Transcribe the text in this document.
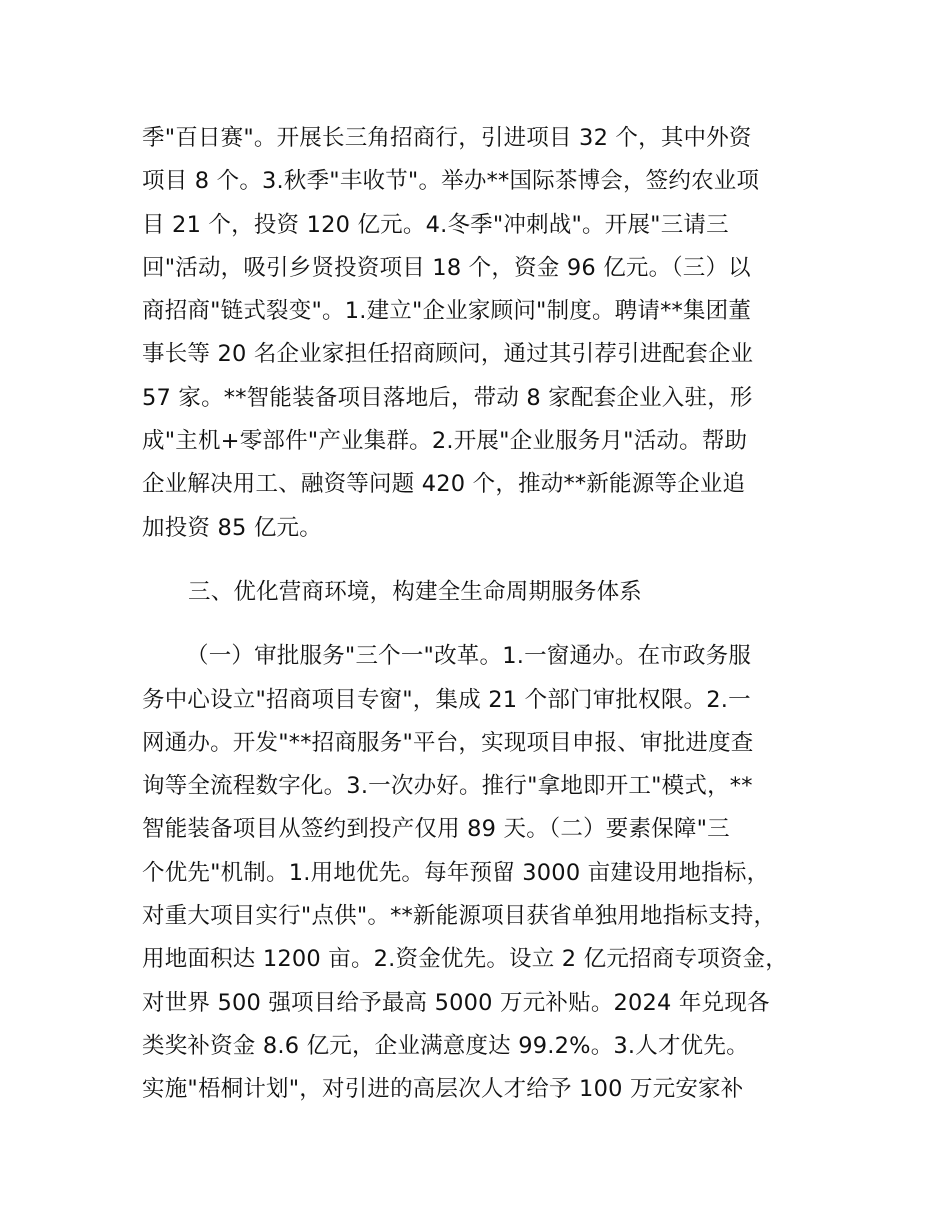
季"百日赛"。开展长三角招商行，引进项目 32 个，其中外资
项目 8 个。3.秋季"丰收节"。举办**国际茶博会，签约农业项
目 21 个，投资 120 亿元。4.冬季"冲刺战"。开展"三请三
回"活动，吸引乡贤投资项目 18 个，资金 96 亿元。（三）以
商招商"链式裂变"。1.建立"企业家顾问"制度。聘请**集团董
事长等 20 名企业家担任招商顾问，通过其引荐引进配套企业
57 家。**智能装备项目落地后，带动 8 家配套企业入驻，形
成"主机+零部件"产业集群。2.开展"企业服务月"活动。帮助
企业解决用工、融资等问题 420 个，推动**新能源等企业追
加投资 85 亿元。
三、优化营商环境，构建全生命周期服务体系
（一）审批服务"三个一"改革。1.一窗通办。在市政务服
务中心设立"招商项目专窗"，集成 21 个部门审批权限。2.一
网通办。开发"**招商服务"平台，实现项目申报、审批进度查
询等全流程数字化。3.一次办好。推行"拿地即开工"模式，**
智能装备项目从签约到投产仅用 89 天。（二）要素保障"三
个优先"机制。1.用地优先。每年预留 3000 亩建设用地指标，
对重大项目实行"点供"。**新能源项目获省单独用地指标支持，
用地面积达 1200 亩。2.资金优先。设立 2 亿元招商专项资金，
对世界 500 强项目给予最高 5000 万元补贴。2024 年兑现各
类奖补资金 8.6 亿元，企业满意度达 99.2%。3.人才优先。
实施"梧桐计划"，对引进的高层次人才给予 100 万元安家补
